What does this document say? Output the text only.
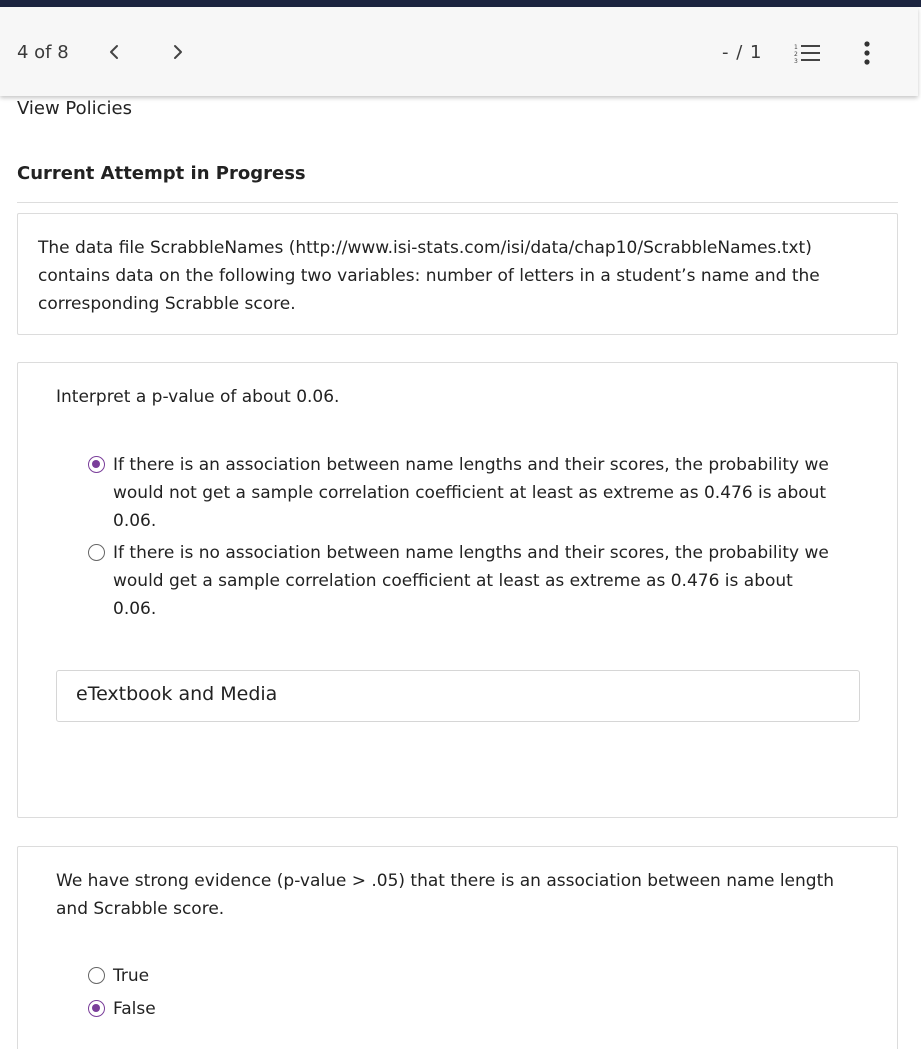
4 of 8	- / 1	1
2
3
View Policies
Current Attempt in Progress
The data file ScrabbleNames (http://www.isi-stats.com/isi/data/chap10/ScrabbleNames.txt) contains data on the following two variables: number of letters in a student’s name and the corresponding Scrabble score.
Interpret a p-value of about 0.06.
If there is an association between name lengths and their scores, the probability we would not get a sample correlation coefficient at least as extreme as 0.476 is about 0.06.
If there is no association between name lengths and their scores, the probability we would get a sample correlation coefficient at least as extreme as 0.476 is about 0.06.
eTextbook and Media
We have strong evidence (p-value > .05) that there is an association between name length and Scrabble score.
True
False
